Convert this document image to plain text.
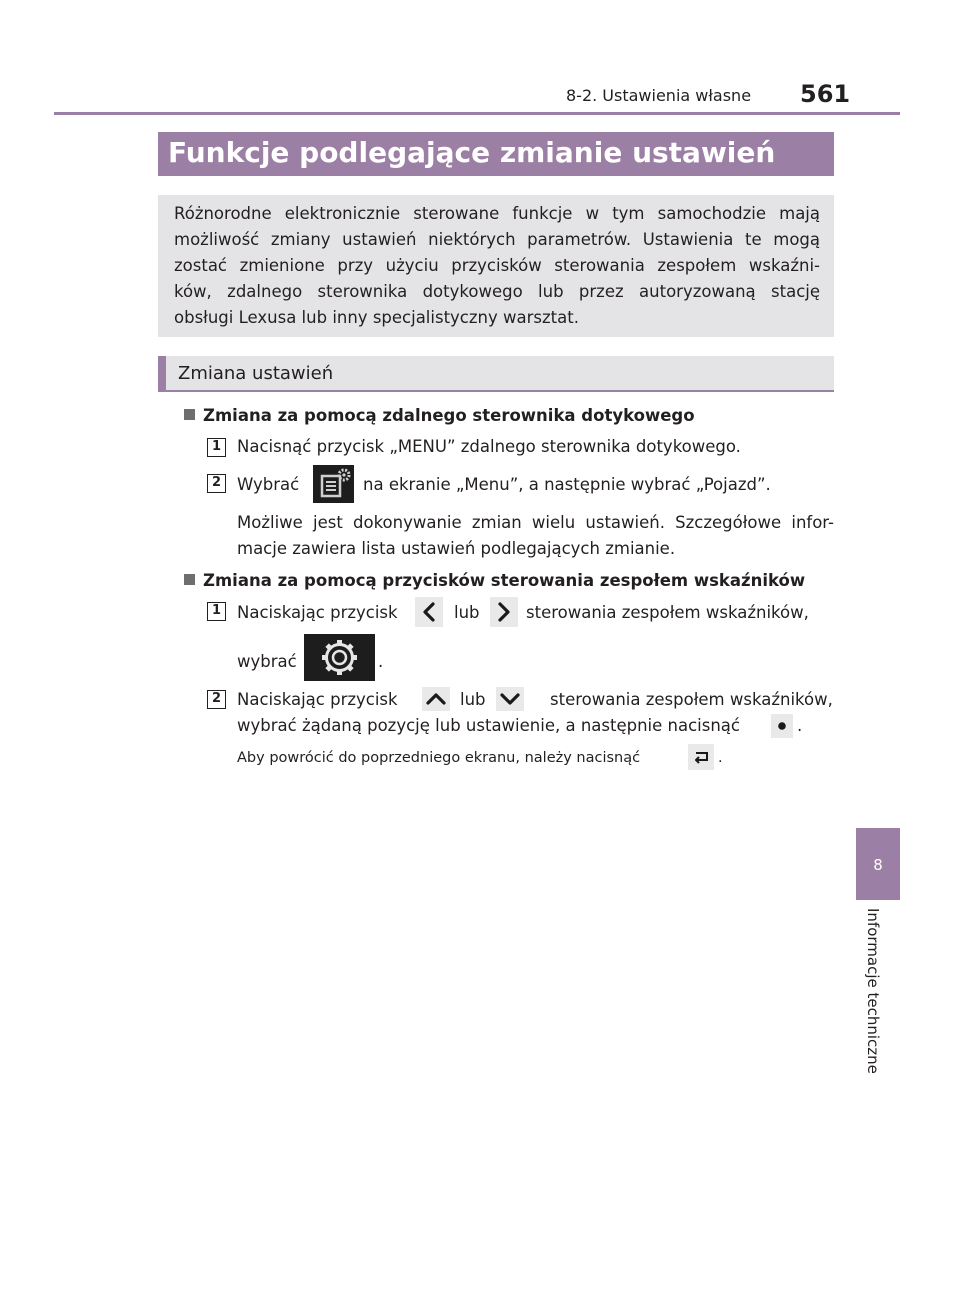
8-2. Ustawienia własne	561
Funkcje podlegające zmianie ustawień
Różnorodne elektronicznie sterowane funkcje w tym samochodzie mają
możliwość zmiany ustawień niektórych parametrów. Ustawienia te mogą
zostać zmienione przy użyciu przycisków sterowania zespołem wskaźni-
ków, zdalnego sterownika dotykowego lub przez autoryzowaną stację
obsługi Lexusa lub inny specjalistyczny warsztat.
Zmiana ustawień
Zmiana za pomocą zdalnego sterownika dotykowego
1 Nacisnąć przycisk „MENU” zdalnego sterownika dotykowego.
2 Wybrać	na ekranie „Menu”, a następnie wybrać „Pojazd”.
Możliwe jest dokonywanie zmian wielu ustawień. Szczegółowe infor-
macje zawiera lista ustawień podlegających zmianie.
Zmiana za pomocą przycisków sterowania zespołem wskaźników
1 Naciskając przycisk	lub	sterowania zespołem wskaźników,
wybrać	.
2 Naciskając przycisk	lub	sterowania zespołem wskaźników,
wybrać żądaną pozycję lub ustawienie, a następnie nacisnąć	.
Aby powrócić do poprzedniego ekranu, należy nacisnąć	.
8
Informacje techniczne
